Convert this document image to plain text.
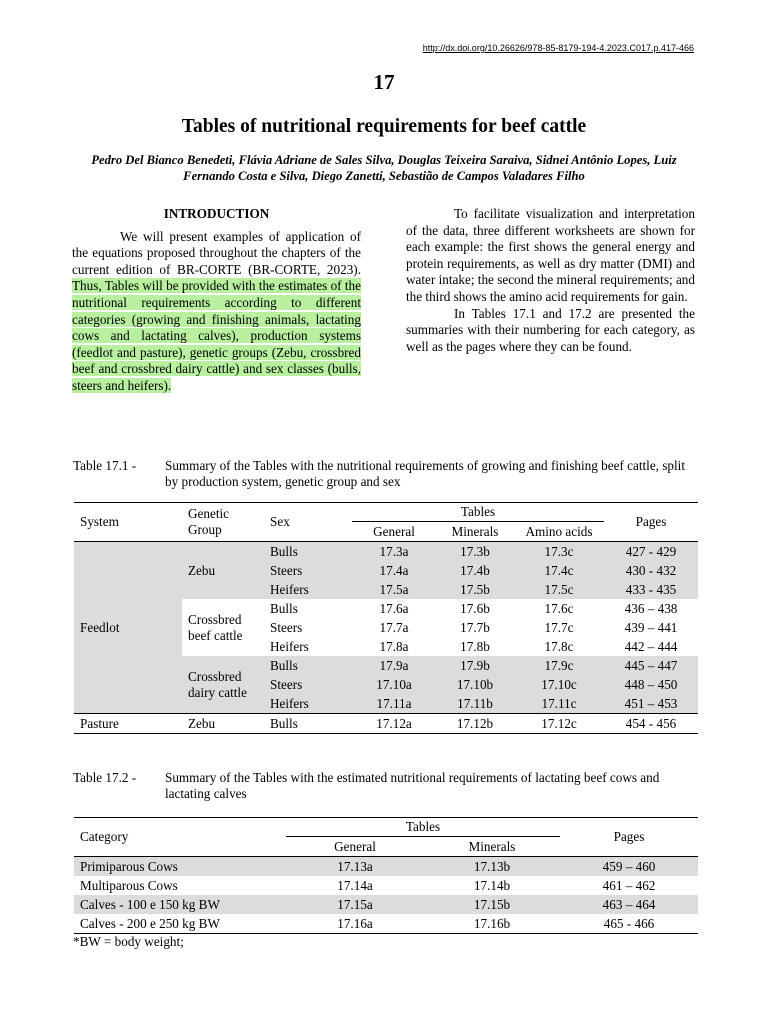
http://dx.doi.org/10.26626/978-85-8179-194-4.2023.C017.p.417-466
17
Tables of nutritional requirements for beef cattle
Pedro Del Bianco Benedeti, Flávia Adriane de Sales Silva, Douglas Teixeira Saraiva, Sidnei Antônio Lopes, Luiz Fernando Costa e Silva, Diego Zanetti, Sebastião de Campos Valadares Filho

INTRODUCTION

We will present examples of application of the equations proposed throughout the chapters of the current edition of BR-CORTE (BR-CORTE, 2023). Thus, Tables will be provided with the estimates of the nutritional requirements according to different categories (growing and finishing animals, lactating cows and lactating calves), production systems (feedlot and pasture), genetic groups (Zebu, crossbred beef and crossbred dairy cattle) and sex classes (bulls, steers and heifers).

To facilitate visualization and interpretation of the data, three different worksheets are shown for each example: the first shows the general energy and protein requirements, as well as dry matter (DMI) and water intake; the second the mineral requirements; and the third shows the amino acid requirements for gain.

In Tables 17.1 and 17.2 are presented the summaries with their numbering for each category, as well as the pages where they can be found.

Table 17.1 -	Summary of the Tables with the nutritional requirements of growing and finishing beef cattle, split by production system, genetic group and sex
System	Genetic Group	Sex	Tables			Pages
			General	Minerals	Amino acids	
Feedlot	Zebu	Bulls	17.3a	17.3b	17.3c	427 - 429
		Steers	17.4a	17.4b	17.4c	430 - 432
		Heifers	17.5a	17.5b	17.5c	433 - 435
	Crossbred beef cattle	Bulls	17.6a	17.6b	17.6c	436 – 438
		Steers	17.7a	17.7b	17.7c	439 – 441
		Heifers	17.8a	17.8b	17.8c	442 – 444
	Crossbred dairy cattle	Bulls	17.9a	17.9b	17.9c	445 – 447
		Steers	17.10a	17.10b	17.10c	448 – 450
		Heifers	17.11a	17.11b	17.11c	451 – 453
Pasture	Zebu	Bulls	17.12a	17.12b	17.12c	454 - 456
Table 17.2 -	Summary of the Tables with the estimated nutritional requirements of lactating beef cows and lactating calves
Category	Tables		Pages
	General	Minerals	
Primiparous Cows	17.13a	17.13b	459 – 460
Multiparous Cows	17.14a	17.14b	461 – 462
Calves - 100 e 150 kg BW	17.15a	17.15b	463 – 464
Calves - 200 e 250 kg BW	17.16a	17.16b	465 - 466
*BW = body weight;
